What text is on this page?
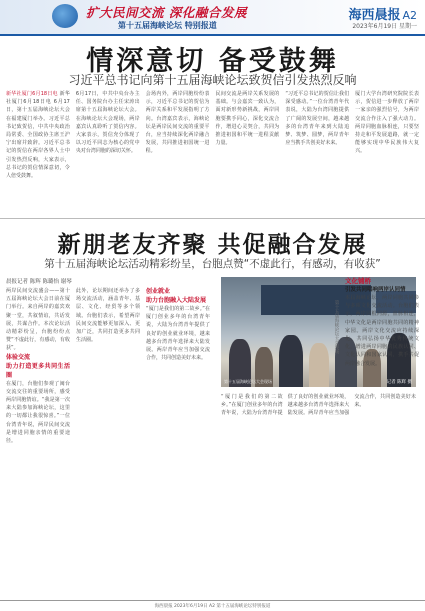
扩大民间交流 深化融合发展
第十五届海峡论坛 特别报道
海西晨报 A2
2023年6月19日 星期一
情深意切 备受鼓舞
习近平总书记向第十五届海峡论坛致贺信引发热烈反响
新华社厦门6月18日电 新华社厦门6月18日电 6月17日，第十五届海峡论坛大会在福建厦门举办。习近平总书记致贺信，中共中央政治局常委、全国政协主席王沪宁出席并致辞。习近平总书记的贺信在两岸各界人士中引发热烈反响，大家表示，总书记的贺信情深意切，令人倍受鼓舞。
6月17日，中共中央台办主任、国务院台办主任宋涛出席第十五届海峡论坛大会。在海峡论坛大会现场，两岸嘉宾认真聆听了贺信内容。大家表示，贺信充分体现了以习近平同志为核心的党中央对台湾同胞的深切关怀。
会场内外，两岸同胞纷纷表示，习近平总书记的贺信为两岸关系和平发展指明了方向。台湾嘉宾表示，海峡论坛是两岸民间交流的重要平台，应当持续深化两岸融合发展，共同推进祖国统一进程。
民间交流是两岸关系发展的基础。与会嘉宾一致认为，面对新形势新挑战，两岸同胞要携手同心，深化交流合作，增进心灵契合，共同为推进祖国和平统一进程贡献力量。
“习近平总书记的贺信让我们深受感动。”一位台湾青年代表说，大陆为台湾同胞提供了广阔的发展空间，越来越多的台湾青年来到大陆追梦、筑梦、圆梦，两岸青年应当携手共创美好未来。
厦门大学台湾研究院院长表示，贺信进一步释放了两岸一家亲的强烈信号，为两岸交流合作注入了强大动力。两岸同胞血脉相连，只要坚持走和平发展道路，就一定能够实现中华民族伟大复兴。
新朋老友齐聚 共促融合发展
第十五届海峡论坛活动精彩纷呈，台胞点赞“不虚此行，有感动，有收获”
晨报记者 陈辉 陈璐怡 谢琴
两岸民间交流盛会——第十五届海峡论坛大会日前在厦门举行。来自两岸的嘉宾欢聚一堂，共叙情谊，共话发展，共谋合作。本次论坛活动精彩纷呈，台胞纷纷点赞“不虚此行，有感动，有收获”。
体验交流
助力打造更多共同生活圈
在厦门，台胞们参观了闽台交流交往的重要场所，感受两岸同胞情谊。“我是第一次来大陆参加海峡论坛，这里的一切都让我很惊喜。”一位台湾青年说，两岸民间交流是增进同胞亲情的重要途径。
此外，论坛期间还举办了多场交流活动，涵盖青年、基层、文化、经贸等多个领域。台胞们表示，希望两岸民间交流能够更加深入、更加广泛，共同打造更多共同生活圈。
创业就业
助力台胞融入大陆发展
“厦门是我们的第二故乡。”在厦门创业多年的台湾青年说，大陆为台湾青年提供了良好的创业就业环境，越来越多台湾青年选择来大陆发展。两岸青年应当加强交流合作，共同创造美好未来。
第十五届海峡论坛大会现场	记者 陈辉 摄
“厦门是我们的第二故乡。”在厦门创业多年的台湾青年说，大陆为台湾青年提供了良好的创业就业环境，越来越多台湾青年选择来大陆发展。两岸青年应当加强交流合作，共同创造美好未来。
第十五届海峡论坛大会现场
文化铺桥
引发共同唱响两岸认同情
本届海峡论坛，两岸同胞共同参与多项文化交流活动。台胞们表示，两岸同根同源，血脉相连，中华文化是两岸同胞共同的精神家园。两岸文化交流应持续深化，共同弘扬中华优秀传统文化，增进两岸同胞的民族认同、文化认同和国家认同，携手共促两岸融合发展。
海西晨报 2023年6月19日 A2 第十五届海峡论坛特别报道
